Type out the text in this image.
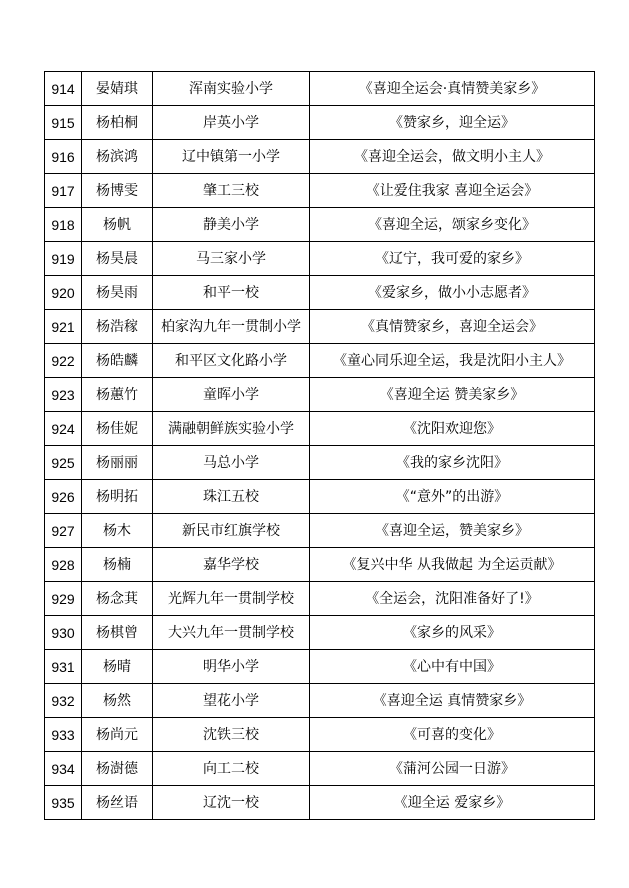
914	晏婧琪	浑南实验小学	《喜迎全运会·真情赞美家乡》
915	杨柏桐	岸英小学	《赞家乡，迎全运》
916	杨滨鸿	辽中镇第一小学	《喜迎全运会，做文明小主人》
917	杨博雯	肇工三校	《让爱住我家 喜迎全运会》
918	杨帆	静美小学	《喜迎全运，颂家乡变化》
919	杨昊晨	马三家小学	《辽宁，我可爱的家乡》
920	杨昊雨	和平一校	《爱家乡，做小小志愿者》
921	杨浩稼	柏家沟九年一贯制小学	《真情赞家乡，喜迎全运会》
922	杨皓麟	和平区文化路小学	《童心同乐迎全运，我是沈阳小主人》
923	杨蕙竹	童晖小学	《喜迎全运 赞美家乡》
924	杨佳妮	满融朝鲜族实验小学	《沈阳欢迎您》
925	杨丽丽	马总小学	《我的家乡沈阳》
926	杨明拓	珠江五校	《“意外”的出游》
927	杨木	新民市红旗学校	《喜迎全运，赞美家乡》
928	杨楠	嘉华学校	《复兴中华 从我做起 为全运贡献》
929	杨念萁	光辉九年一贯制学校	《全运会，沈阳准备好了!》
930	杨棋曾	大兴九年一贯制学校	《家乡的风采》
931	杨晴	明华小学	《心中有中国》
932	杨然	望花小学	《喜迎全运 真情赞家乡》
933	杨尚元	沈铁三校	《可喜的变化》
934	杨澍德	向工二校	《蒲河公园一日游》
935	杨丝语	辽沈一校	《迎全运 爱家乡》
